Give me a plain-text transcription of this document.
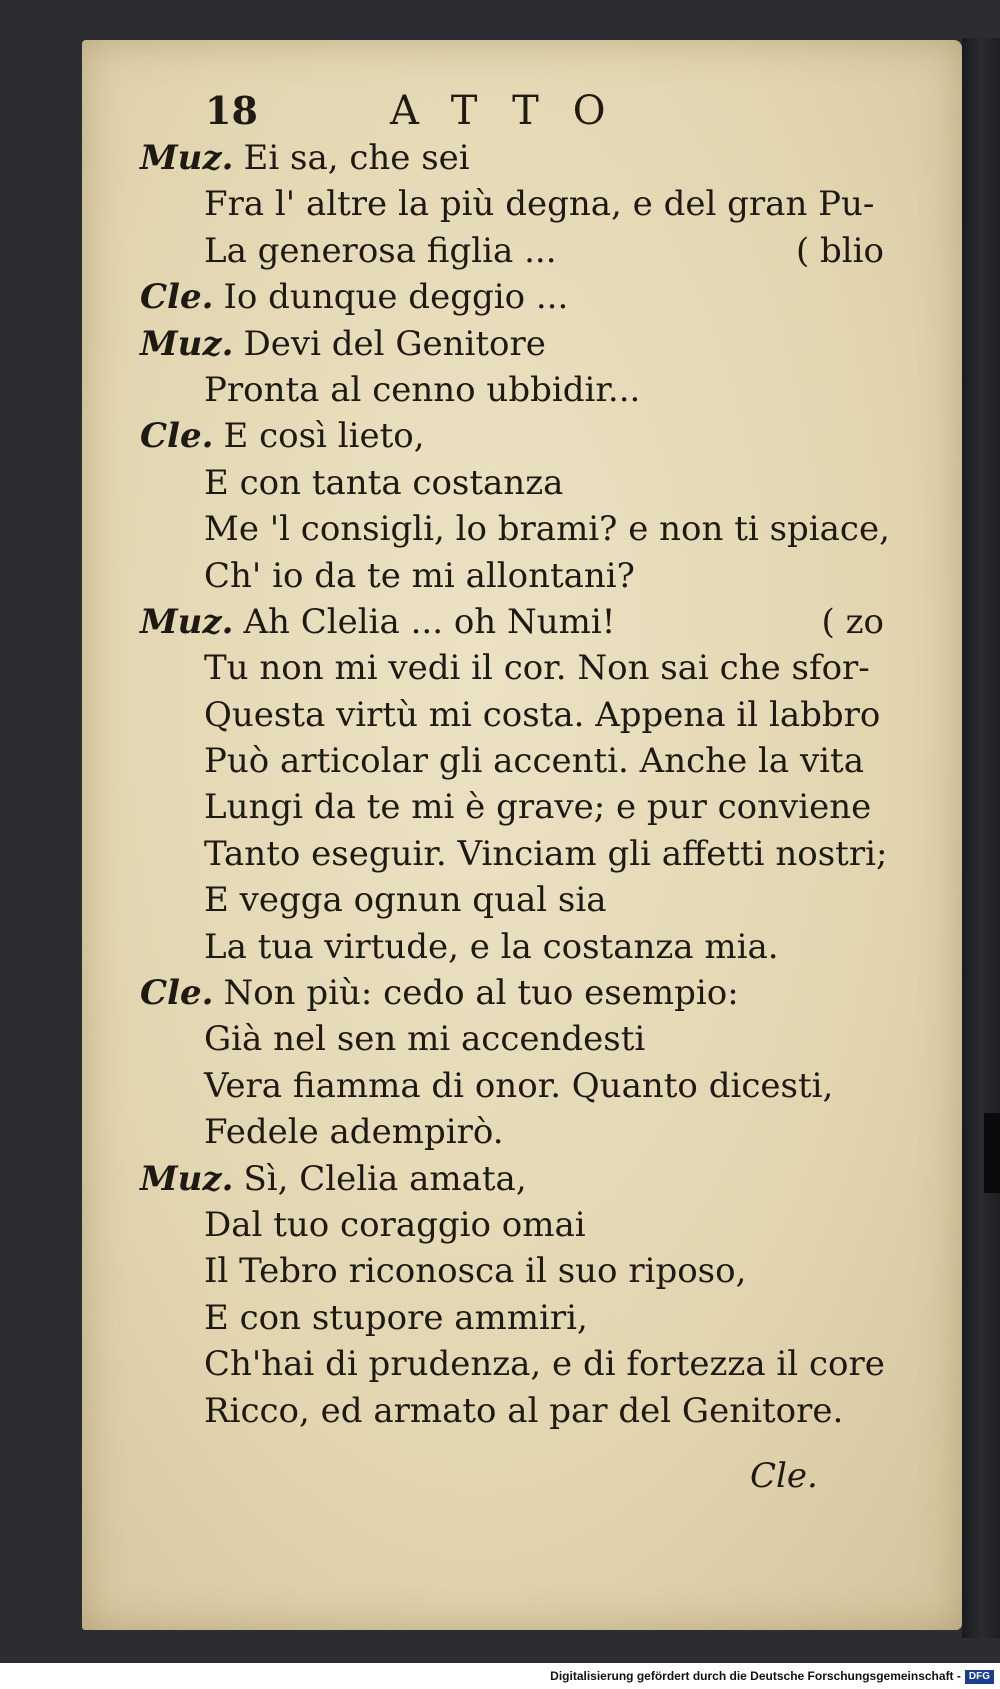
18	ATTO
Muz. Ei sa, che sei
Fra l' altre la più degna, e del gran Pu-
La generosa figlia ...	( blio
Cle. Io dunque deggio ...
Muz. Devi del Genitore
Pronta al cenno ubbidir...
Cle. E così lieto,
E con tanta costanza
Me 'l consigli, lo brami? e non ti spiace,
Ch' io da te mi allontani?
Muz. Ah Clelia ... oh Numi!	( zo
Tu non mi vedi il cor. Non sai che sfor-
Questa virtù mi costa. Appena il labbro
Può articolar gli accenti. Anche la vita
Lungi da te mi è grave; e pur conviene
Tanto eseguir. Vinciam gli affetti nostri;
E vegga ognun qual sia
La tua virtude, e la costanza mia.
Cle. Non più: cedo al tuo esempio:
Già nel sen mi accendesti
Vera fiamma di onor. Quanto dicesti,
Fedele adempirò.
Muz. Sì, Clelia amata,
Dal tuo coraggio omai
Il Tebro riconosca il suo riposo,
E con stupore ammiri,
Ch'hai di prudenza, e di fortezza il core
Ricco, ed armato al par del Genitore.
Cle.
Digitalisierung gefördert durch die Deutsche Forschungsgemeinschaft - DFG
